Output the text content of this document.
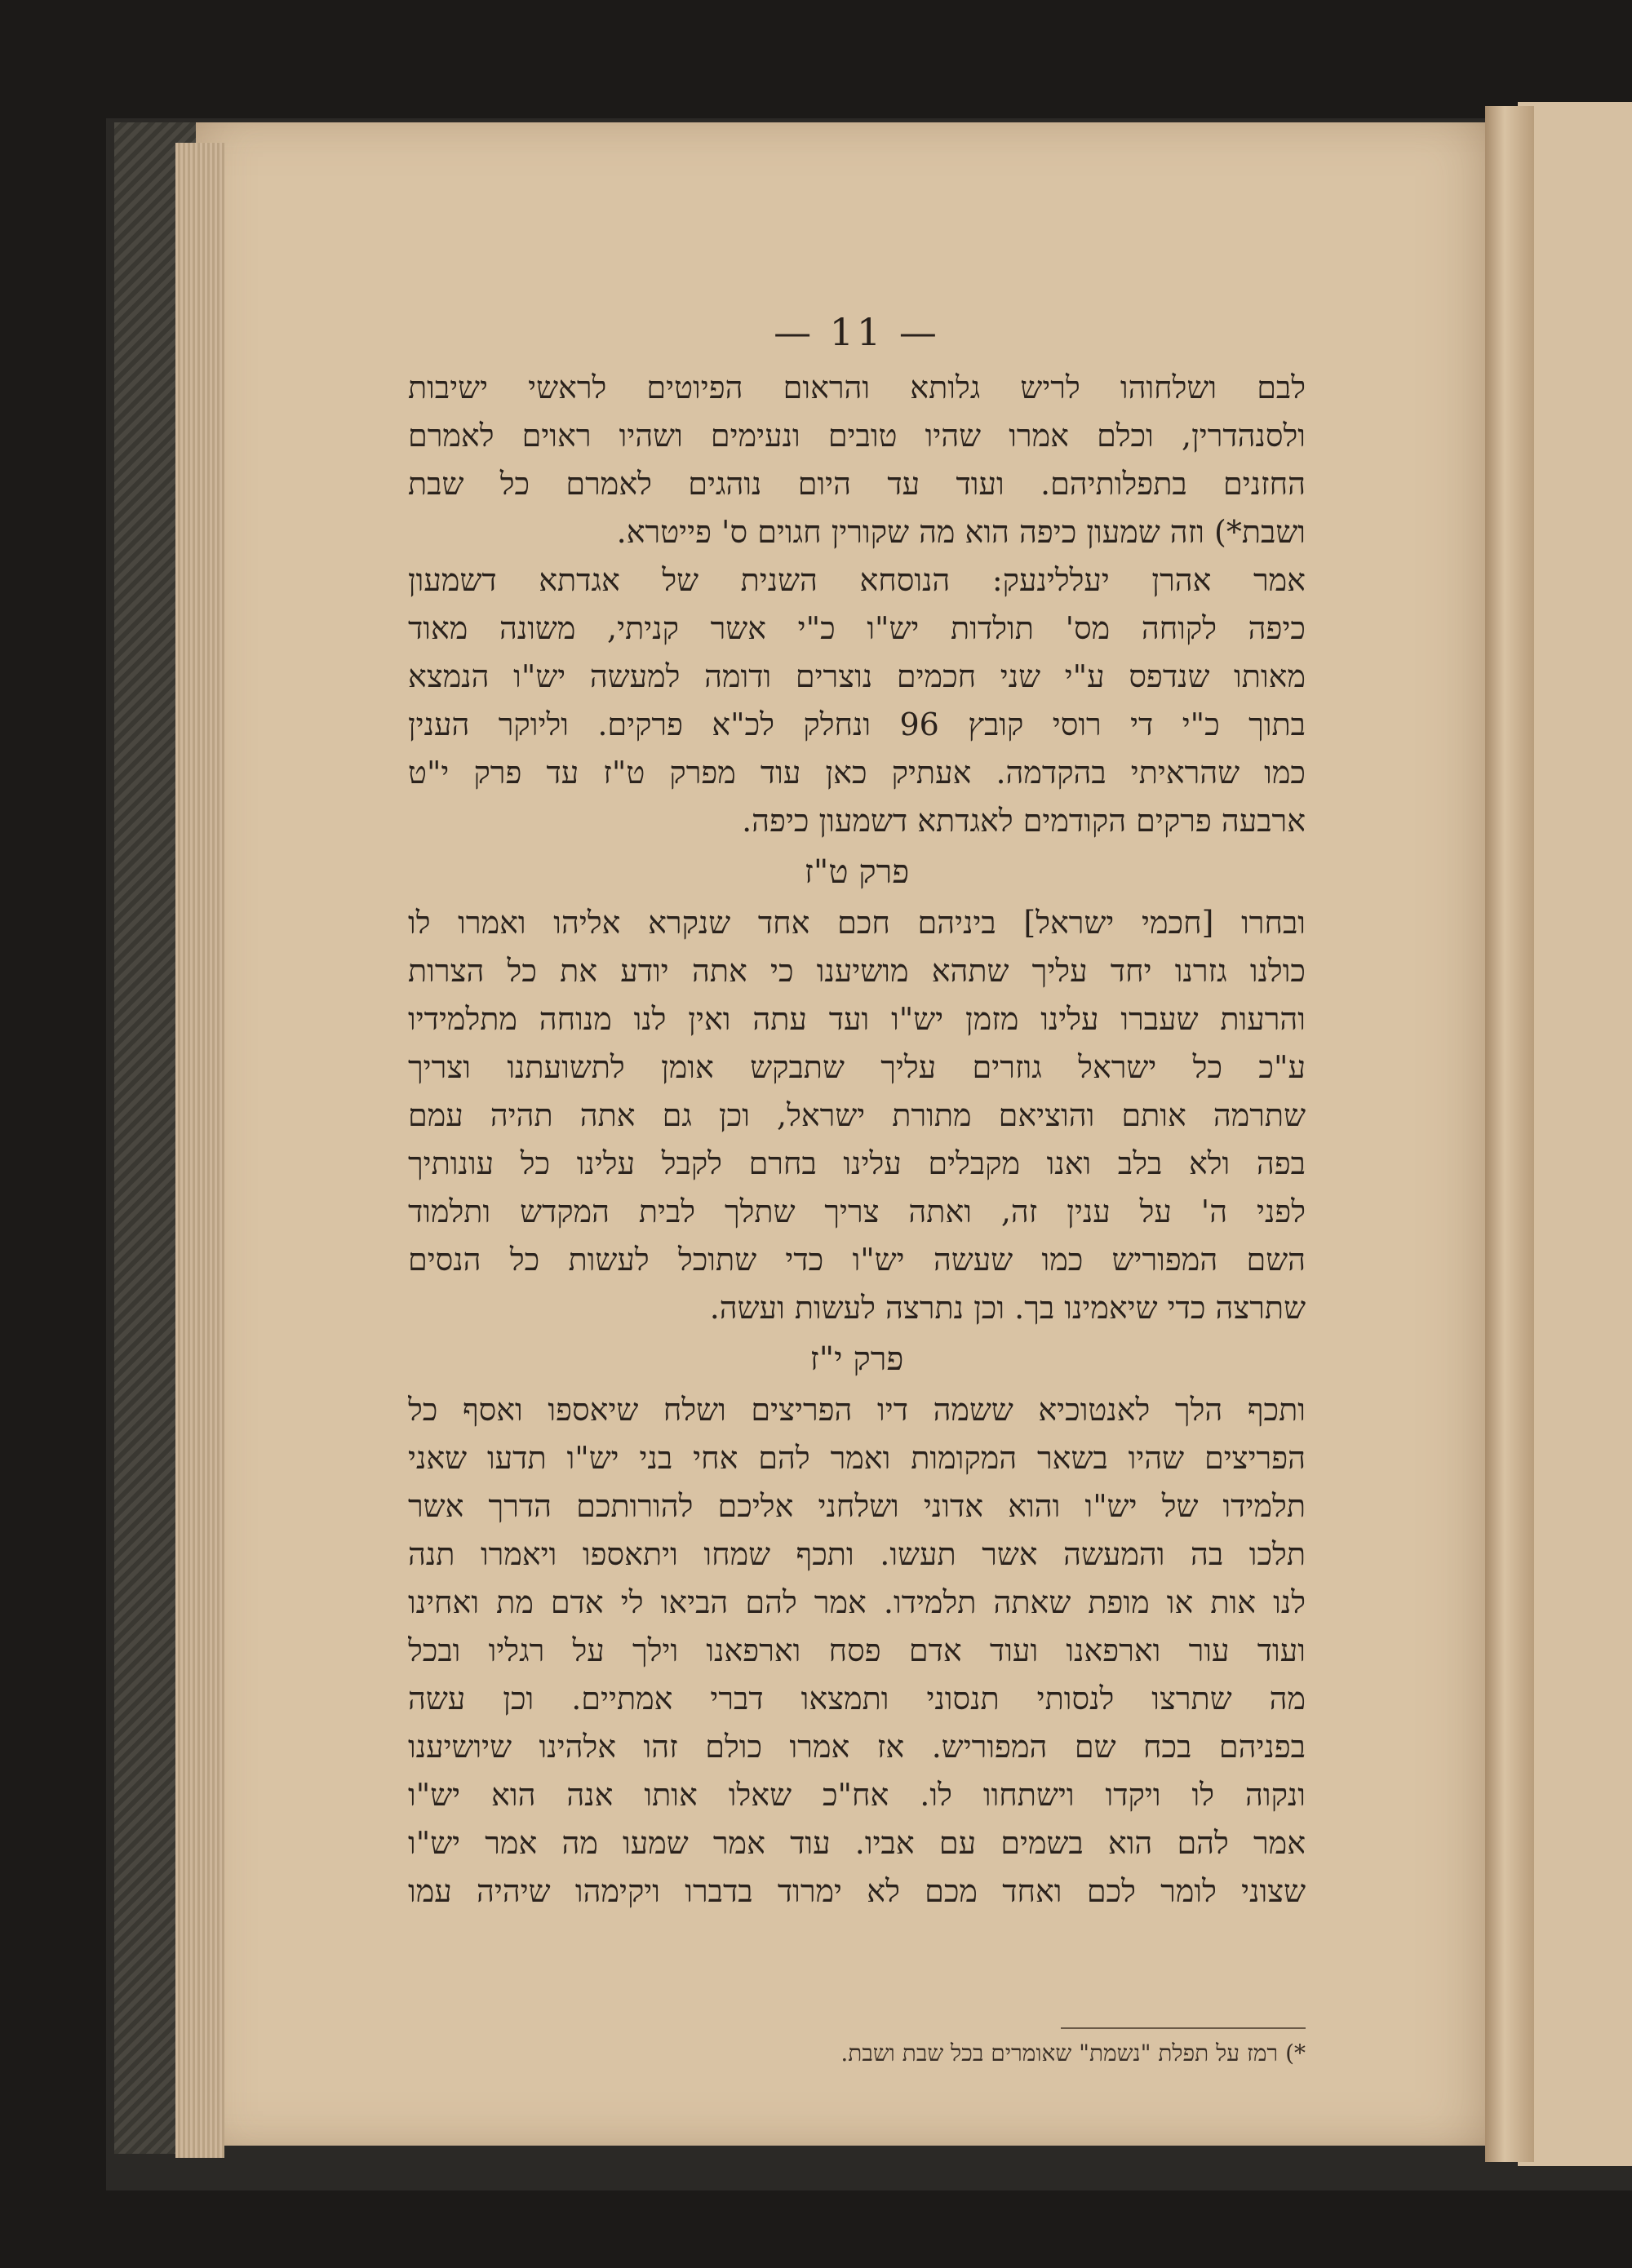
— 11 —
לבם ושלחוהו לריש גלותא והראום הפיוטים לראשי ישיבות
ולסנהדרין, וכלם אמרו שהיו טובים ונעימים ושהיו ראוים לאמרם
החזנים בתפלותיהם. ועוד עד היום נוהגים לאמרם כל שבת
ושבת*) וזה שמעון כיפה הוא מה שקורין חגוים ס' פייטרא.
אמר אהרן יעללינעק: הנוסחא השנית של אגדתא דשמעון
כיפה לקוחה מס' תולדות יש"ו כ"י אשר קניתי, משונה מאוד
מאותו שנדפס ע"י שני חכמים נוצרים ודומה למעשה יש"ו הנמצא
בתוך כ"י די רוסי קובץ 96 ונחלק לכ"א פרקים. וליוקר הענין
כמו שהראיתי בהקדמה. אעתיק כאן עוד מפרק ט"ז עד פרק י"ט
ארבעה פרקים הקודמים לאגדתא דשמעון כיפה.
פרק ט"ז
ובחרו [חכמי ישראל] ביניהם חכם אחד שנקרא אליהו ואמרו לו
כולנו גזרנו יחד עליך שתהא מושיענו כי אתה יודע את כל הצרות
והרעות שעברו עלינו מזמן יש"ו ועד עתה ואין לנו מנוחה מתלמידיו
ע"כ כל ישראל גוזרים עליך שתבקש אומן לתשועתנו וצריך
שתרמה אותם והוציאם מתורת ישראל, וכן גם אתה תהיה עמם
בפה ולא בלב ואנו מקבלים עלינו בחרם לקבל עלינו כל עונותיך
לפני ה' על ענין זה, ואתה צריך שתלך לבית המקדש ותלמוד
השם המפוריש כמו שעשה יש"ו כדי שתוכל לעשות כל הנסים
שתרצה כדי שיאמינו בך. וכן נתרצה לעשות ועשה.
פרק י"ז
ותכף הלך לאנטוכיא ששמה דיו הפריצים ושלח שיאספו ואסף כל
הפריצים שהיו בשאר המקומות ואמר להם אחי בני יש"ו תדעו שאני
תלמידו של יש"ו והוא אדוני ושלחני אליכם להורותכם הדרך אשר
תלכו בה והמעשה אשר תעשו. ותכף שמחו ויתאספו ויאמרו תנה
לנו אות או מופת שאתה תלמידו. אמר להם הביאו לי אדם מת ואחינו
ועוד עור וארפאנו ועוד אדם פסח וארפאנו וילך על רגליו ובכל
מה שתרצו לנסותי תנסוני ותמצאו דברי אמתיים. וכן עשה
בפניהם בכח שם המפוריש. אז אמרו כולם זהו אלהינו שיושיענו
ונקוה לו ויקדו וישתחוו לו. אח"כ שאלו אותו אנה הוא יש"ו
אמר להם הוא בשמים עם אביו. עוד אמר שמעו מה אמר יש"ו
שצוני לומר לכם ואחד מכם לא ימרוד בדברו ויקימהו שיהיה עמו
*) רמז על תפלת "נשמת" שאומרים בכל שבת ושבת.
